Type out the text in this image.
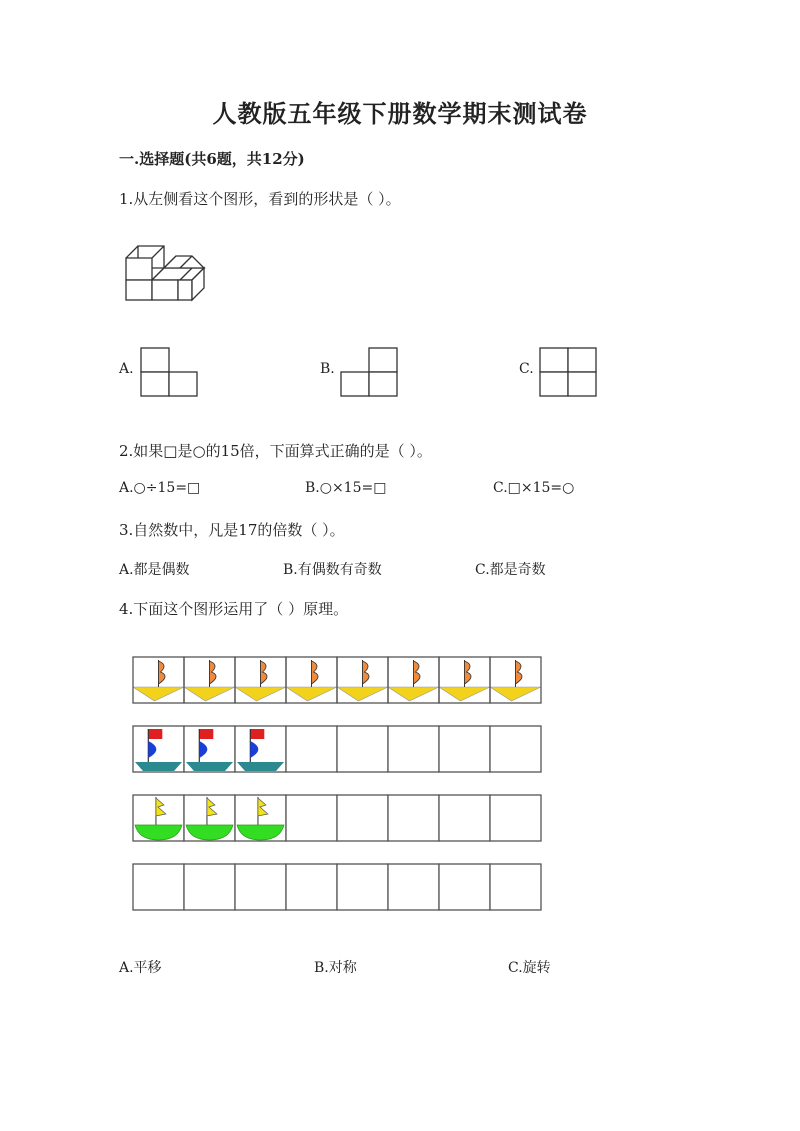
人教版五年级下册数学期末测试卷
一.选择题(共6题，共12分)
1.从左侧看这个图形，看到的形状是（ ）。
A.	B.	C.
2.如果□是○的15倍，下面算式正确的是（ ）。
A.○÷15=□	B.○×15=□	C.□×15=○
3.自然数中，凡是17的倍数（ ）。
A.都是偶数	B.有偶数有奇数	C.都是奇数
4.下面这个图形运用了（ ）原理。
A.平移	B.对称	C.旋转
